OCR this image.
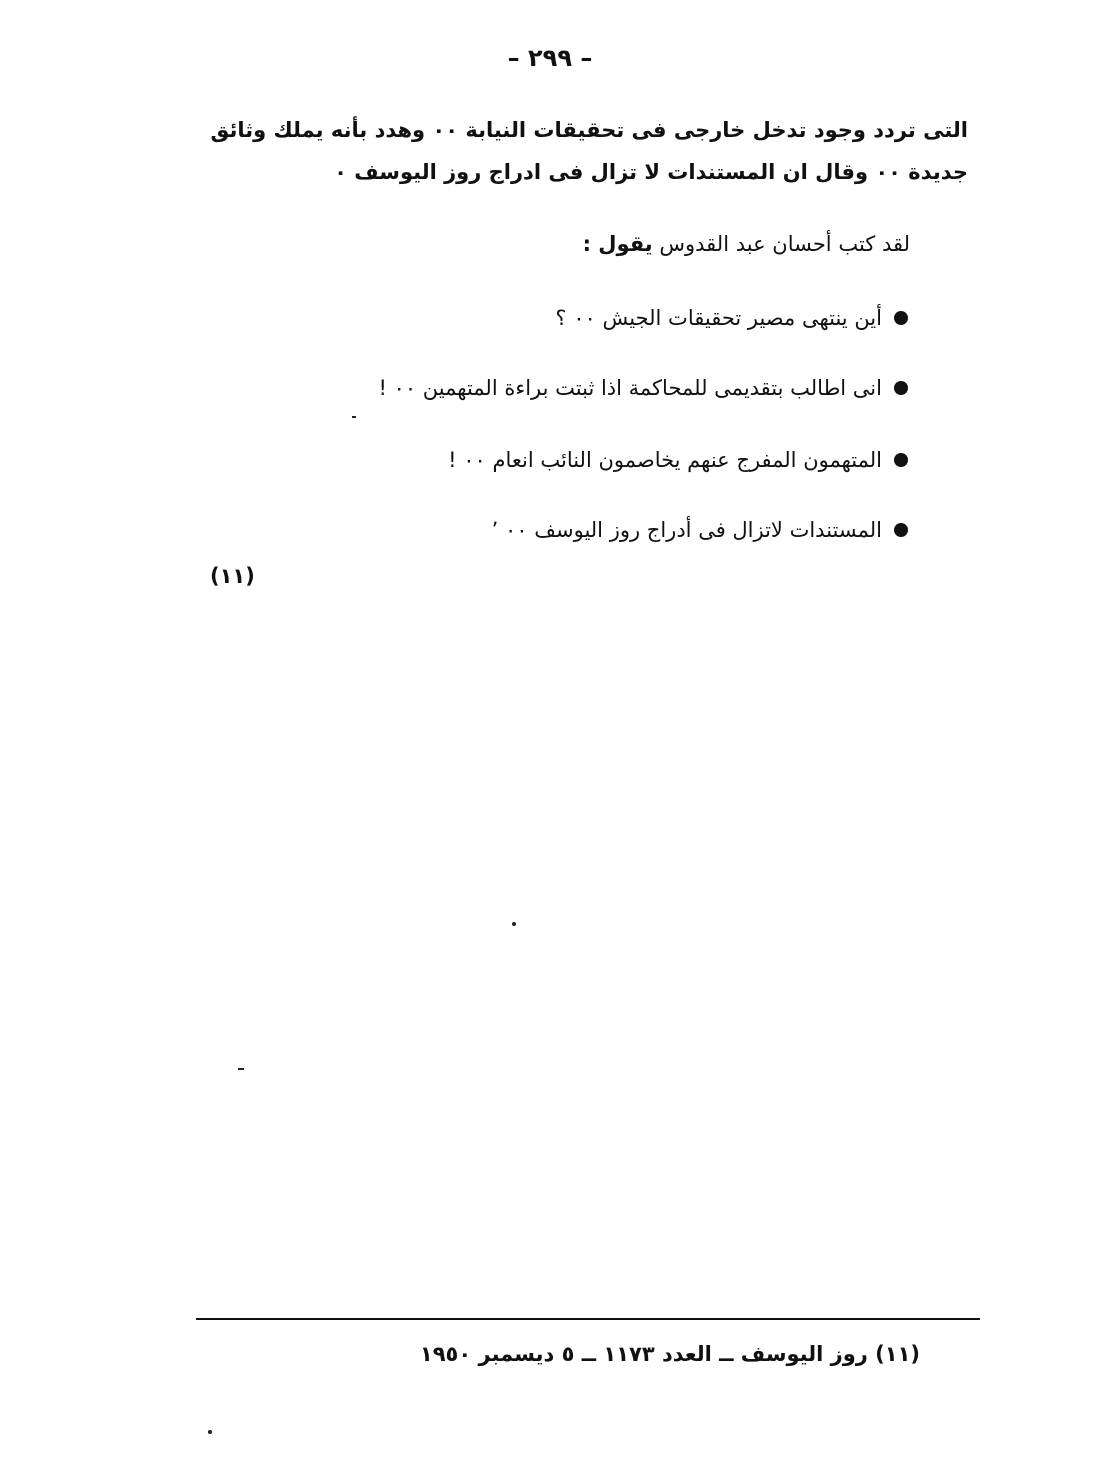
– ٢٩٩ –
التى تردد وجود تدخل خارجى فى تحقيقات النيابة ٠٠ وهدد بأنه يملك وثائق
جديدة ٠٠ وقال ان المستندات لا تزال فى ادراج روز اليوسف ٠
لقد كتب أحسان عبد القدوس يقول :
أين ينتهى مصير تحقيقات الجيش ٠٠ ؟
انى اطالب بتقديمى للمحاكمة اذا ثبتت براءة المتهمين ٠٠ !
المتهمون المفرج عنهم يخاصمون النائب انعام ٠٠ !
المستندات لاتزال فى أدراج روز اليوسف ٠٠ ٬
(١١)
(١١) روز اليوسف ــ العدد ١١٧٣ ــ ٥ ديسمبر ١٩٥٠
